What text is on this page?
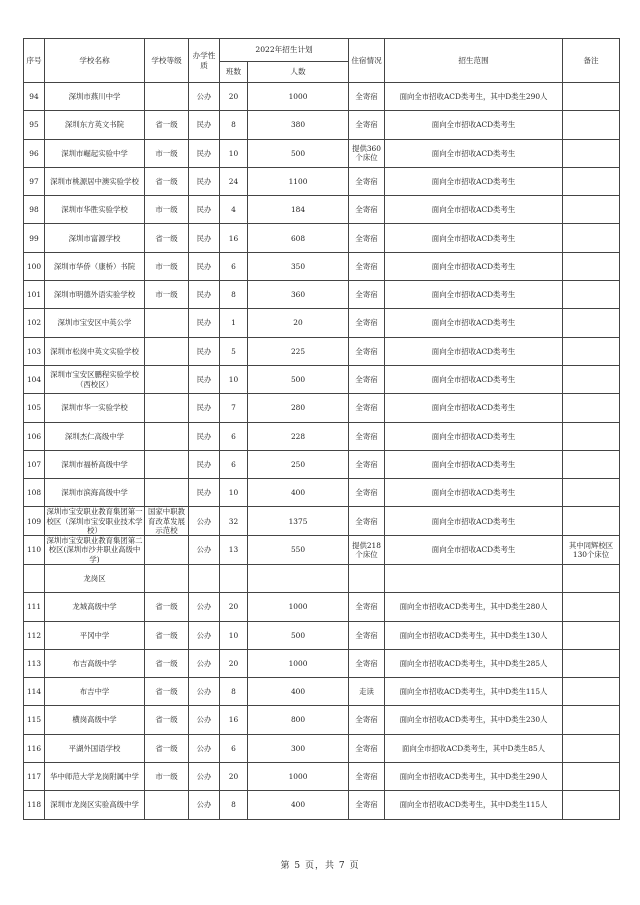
序号	学校名称	学校等级	办学性质	2022年招生计划		住宿情况	招生范围	备注
				班数	人数			
94	深圳市燕川中学		公办	20	1000	全寄宿	面向全市招收ACD类考生，其中D类生290人	
95	深圳东方英文书院	省一级	民办	8	380	全寄宿	面向全市招收ACD类考生	
96	深圳市崛起实验中学	市一级	民办	10	500	提供360个床位	面向全市招收ACD类考生	
97	深圳市桃源居中澳实验学校	省一级	民办	24	1100	全寄宿	面向全市招收ACD类考生	
98	深圳市华胜实验学校	市一级	民办	4	184	全寄宿	面向全市招收ACD类考生	
99	深圳市富源学校	省一级	民办	16	608	全寄宿	面向全市招收ACD类考生	
100	深圳市华侨（康桥）书院	市一级	民办	6	350	全寄宿	面向全市招收ACD类考生	
101	深圳市明德外语实验学校	市一级	民办	8	360	全寄宿	面向全市招收ACD类考生	
102	深圳市宝安区中英公学		民办	1	20	全寄宿	面向全市招收ACD类考生	
103	深圳市松岗中英文实验学校		民办	5	225	全寄宿	面向全市招收ACD类考生	
104	深圳市宝安区鹏程实验学校（西校区）		民办	10	500	全寄宿	面向全市招收ACD类考生	
105	深圳市华一实验学校		民办	7	280	全寄宿	面向全市招收ACD类考生	
106	深圳杰仁高级中学		民办	6	228	全寄宿	面向全市招收ACD类考生	
107	深圳市福桥高级中学		民办	6	250	全寄宿	面向全市招收ACD类考生	
108	深圳市滨海高级中学		民办	10	400	全寄宿	面向全市招收ACD类考生	
109	深圳市宝安职业教育集团第一校区（深圳市宝安职业技术学校）	国家中职教育改革发展示范校	公办	32	1375	全寄宿	面向全市招收ACD类考生	
110	深圳市宝安职业教育集团第二校区(深圳市沙井职业高级中学)		公办	13	550	提供218个床位	面向全市招收ACD类考生	其中同辉校区130个床位
	龙岗区							
111	龙城高级中学	省一级	公办	20	1000	全寄宿	面向全市招收ACD类考生，其中D类生280人	
112	平冈中学	省一级	公办	10	500	全寄宿	面向全市招收ACD类考生，其中D类生130人	
113	布吉高级中学	省一级	公办	20	1000	全寄宿	面向全市招收ACD类考生，其中D类生285人	
114	布吉中学	省一级	公办	8	400	走读	面向全市招收ACD类考生，其中D类生115人	
115	横岗高级中学	省一级	公办	16	800	全寄宿	面向全市招收ACD类考生，其中D类生230人	
116	平湖外国语学校	省一级	公办	6	300	全寄宿	面向全市招收ACD类考生，其中D类生85人	
117	华中师范大学龙岗附属中学	市一级	公办	20	1000	全寄宿	面向全市招收ACD类考生，其中D类生290人	
118	深圳市龙岗区实验高级中学		公办	8	400	全寄宿	面向全市招收ACD类考生，其中D类生115人	
第 5 页，共 7 页
